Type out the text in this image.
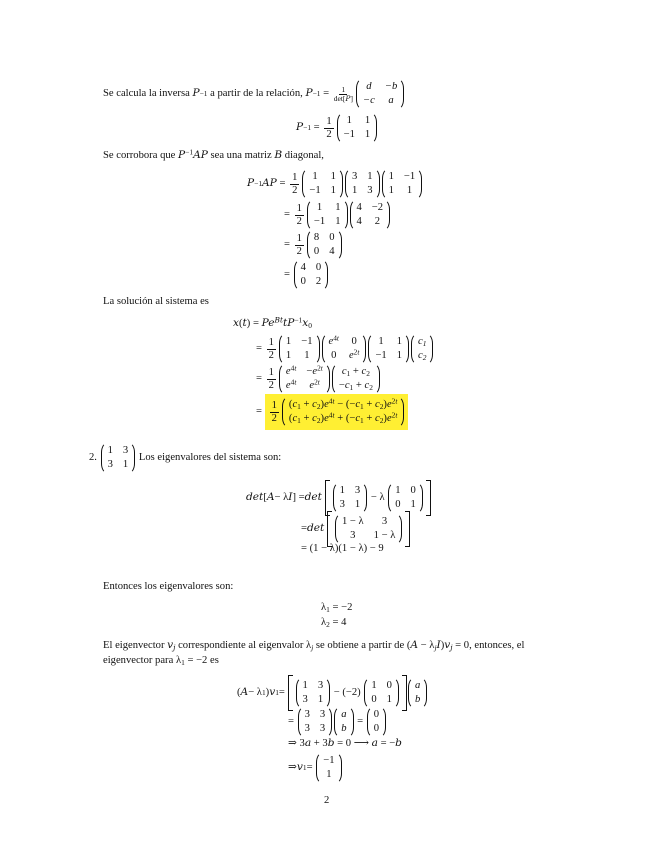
Se calcula la inversa
P −1
a partir de la relación,
$P -1 = \frac{1}{\det[P]}$	d	−b
−c	a
$P -1 = \frac{1}{2} 1$ 1
−1 1
Se corrobora que $P^{-1}AP$ sea una matriz B diagonal,
P −1 AP = $\frac{1}{2} 1$ 1
−1 1
3 1
1 3
1 −1
1 1
= $\frac{1}{2} 1$ 1
−1 1
4 −2
4 2
= $\frac{1}{2} 8$ 0
0 4
=
4 0
0 2
La solución al sistema es
$x(t) = Pe^{Bt}tP^{-1}x_0$
= $\frac{1}{2} 1 -1$
1 1
$e^{4t}$ 0
0 $e^{2t}$
1 1
−1 1
$c_1$
$c_2$
= $\frac{1}{2} e^{4t} -e^{2t}$
$e^{4t}$ $e^{2t}$
$c_1 + c_2$
$-c_1 + c_2$
= $\frac{1}{2} (c_1 + c_2)e^{4t} - (-c_1 + c_2)e^{2t}$
$(c_1 + c_2)e^{4t} + (-c_1 + c_2)e^{2t}$
2.

1 3
3 1

Los eigenvalores del sistema son:
det [ A − λ I ] = det

1 3
3 1
− λ
1 0
0 1
= det

1 − λ	3
3	1 − λ
= (1 − λ)(1 − λ) − 9
Entonces los eigenvalores son:
$\lambda_1 = -2$
$\lambda_2 = 4$
El eigenvector $v_j$ correspondiente al eigenvalor $\lambda_j$ se obtiene a partir de $(A - \lambda_jI)v_j = 0$, entonces, el
eigenvector para $\lambda_1 = -2$ es
( A − λ 1 ) v 1 =
1 3
3 1
− (−2)
1 0
0 1
a
b
=
3 3
3 3
a
b
=
0
0
⇒ 3a + 3b = 0 ⟶ a = −b
⇒ v 1 =
−1
1
2
